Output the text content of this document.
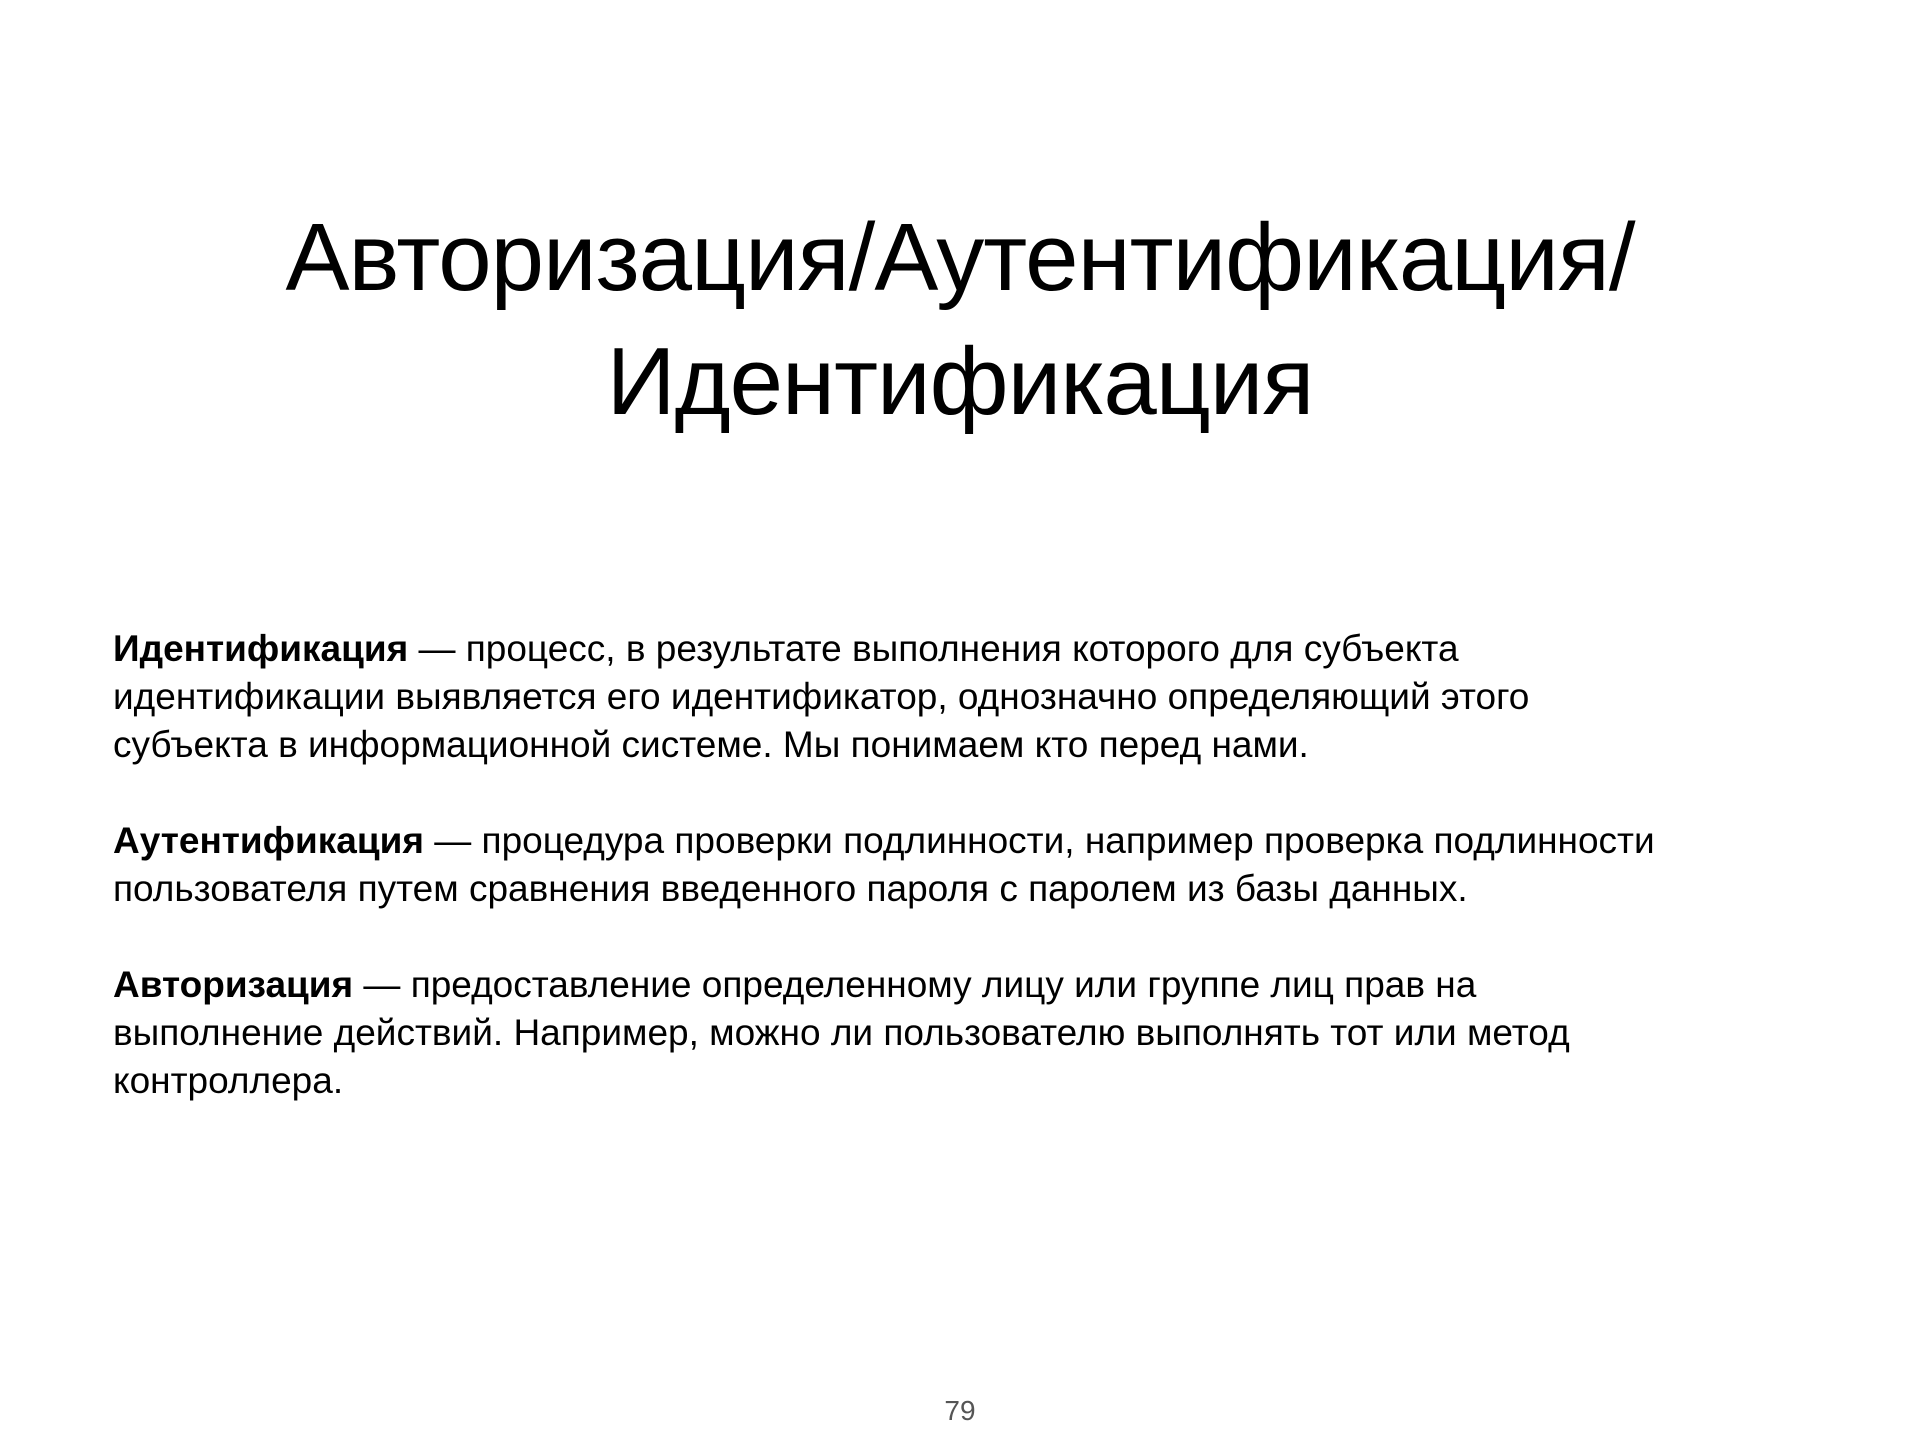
Авторизация/Аутентификация/
Идентификация

Идентификация — процесс, в результате выполнения которого для субъекта
идентификации выявляется его идентификатор, однозначно определяющий этого
субъекта в информационной системе. Мы понимаем кто перед нами.

Аутентификация — процедура проверки подлинности, например проверка подлинности
пользователя путем сравнения введенного пароля с паролем из базы данных.

Авторизация — предоставление определенному лицу или группе лиц прав на
выполнение действий. Например, можно ли пользователю выполнять тот или метод
контроллера.

79
